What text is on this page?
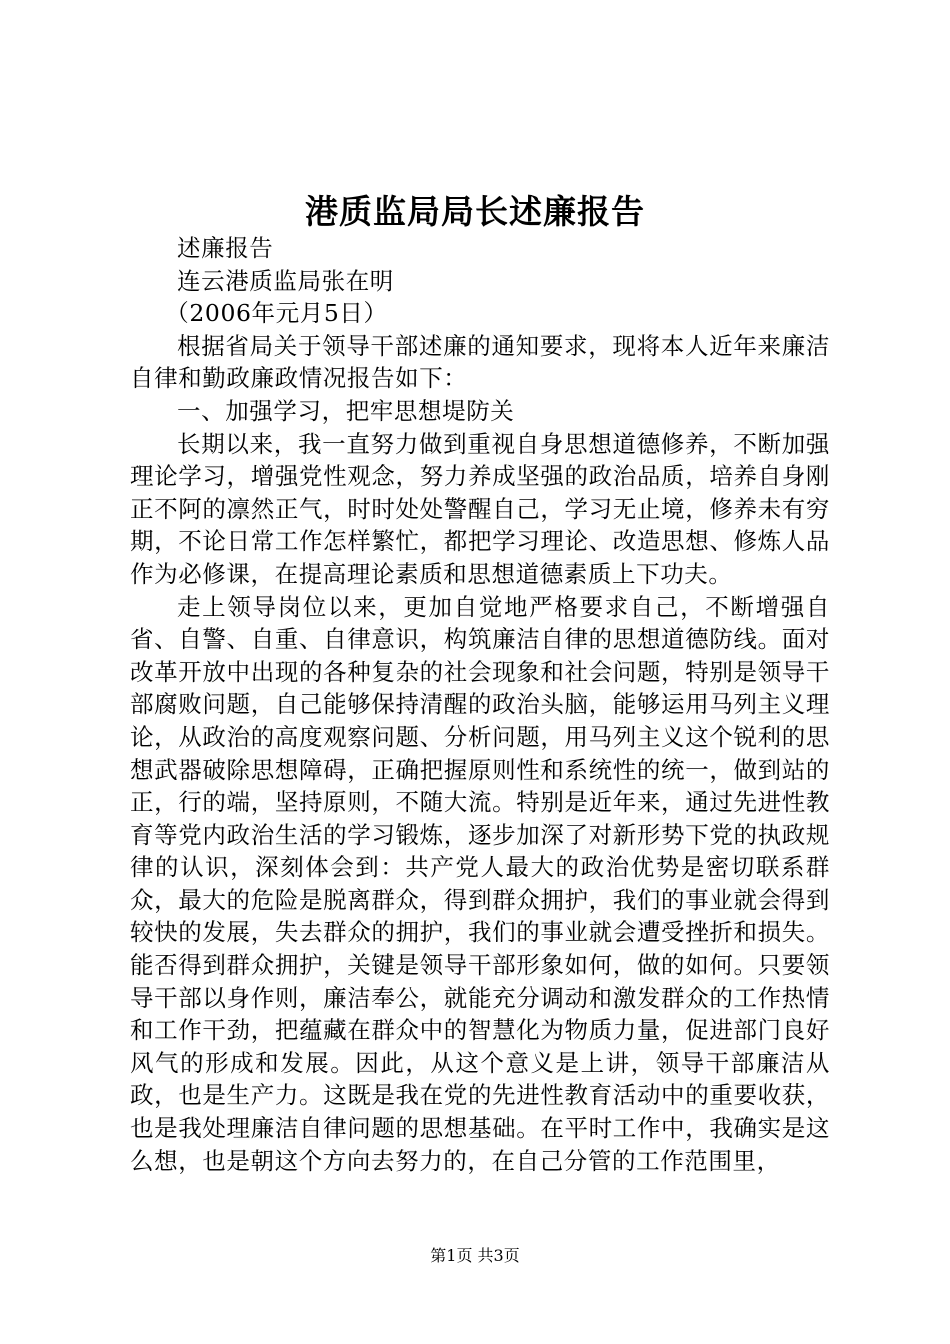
港质监局局长述廉报告

述廉报告

连云港质监局张在明

（2006年元月5日）

根据省局关于领导干部述廉的通知要求，现将本人近年来廉洁自律和勤政廉政情况报告如下：

一、加强学习，把牢思想堤防关

长期以来，我一直努力做到重视自身思想道德修养，不断加强理论学习，增强党性观念，努力养成坚强的政治品质，培养自身刚正不阿的凛然正气，时时处处警醒自己，学习无止境，修养未有穷期，不论日常工作怎样繁忙，都把学习理论、改造思想、修炼人品作为必修课，在提高理论素质和思想道德素质上下功夫。

走上领导岗位以来，更加自觉地严格要求自己，不断增强自省、自警、自重、自律意识，构筑廉洁自律的思想道德防线。面对改革开放中出现的各种复杂的社会现象和社会问题，特别是领导干部腐败问题，自己能够保持清醒的政治头脑，能够运用马列主义理论，从政治的高度观察问题、分析问题，用马列主义这个锐利的思想武器破除思想障碍，正确把握原则性和系统性的统一，做到站的正，行的端，坚持原则，不随大流。特别是近年来，通过先进性教育等党内政治生活的学习锻炼，逐步加深了对新形势下党的执政规律的认识，深刻体会到：共产党人最大的政治优势是密切联系群众，最大的危险是脱离群众，得到群众拥护，我们的事业就会得到较快的发展，失去群众的拥护，我们的事业就会遭受挫折和损失。能否得到群众拥护，关键是领导干部形象如何，做的如何。只要领导干部以身作则，廉洁奉公，就能充分调动和激发群众的工作热情和工作干劲，把蕴藏在群众中的智慧化为物质力量，促进部门良好风气的形成和发展。因此，从这个意义是上讲，领导干部廉洁从政，也是生产力。这既是我在党的先进性教育活动中的重要收获，也是我处理廉洁自律问题的思想基础。在平时工作中，我确实是这么想，也是朝这个方向去努力的，在自己分管的工作范围里，

第1页 共3页
